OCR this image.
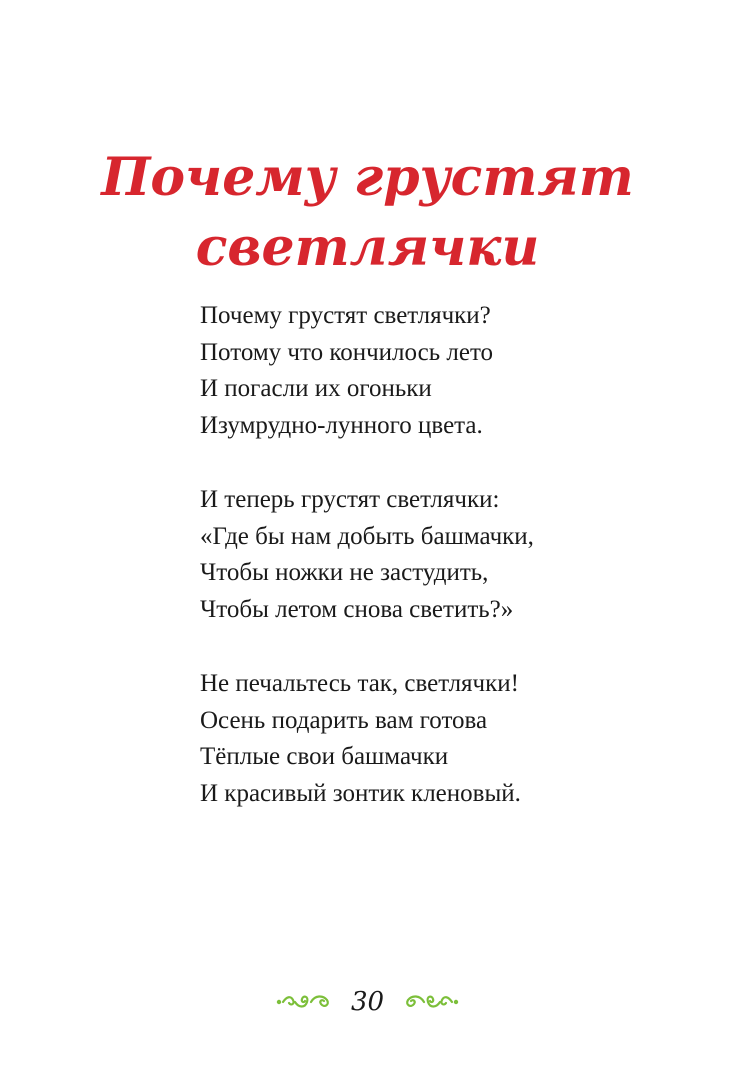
Почему грустят
светлячки
Почему грустят светлячки?
Потому что кончилось лето
И погасли их огоньки
Изумрудно-лунного цвета.
И теперь грустят светлячки:
«Где бы нам добыть башмачки,
Чтобы ножки не застудить,
Чтобы летом снова светить?»
Не печальтесь так, светлячки!
Осень подарить вам готова
Тёплые свои башмачки
И красивый зонтик кленовый.
30
